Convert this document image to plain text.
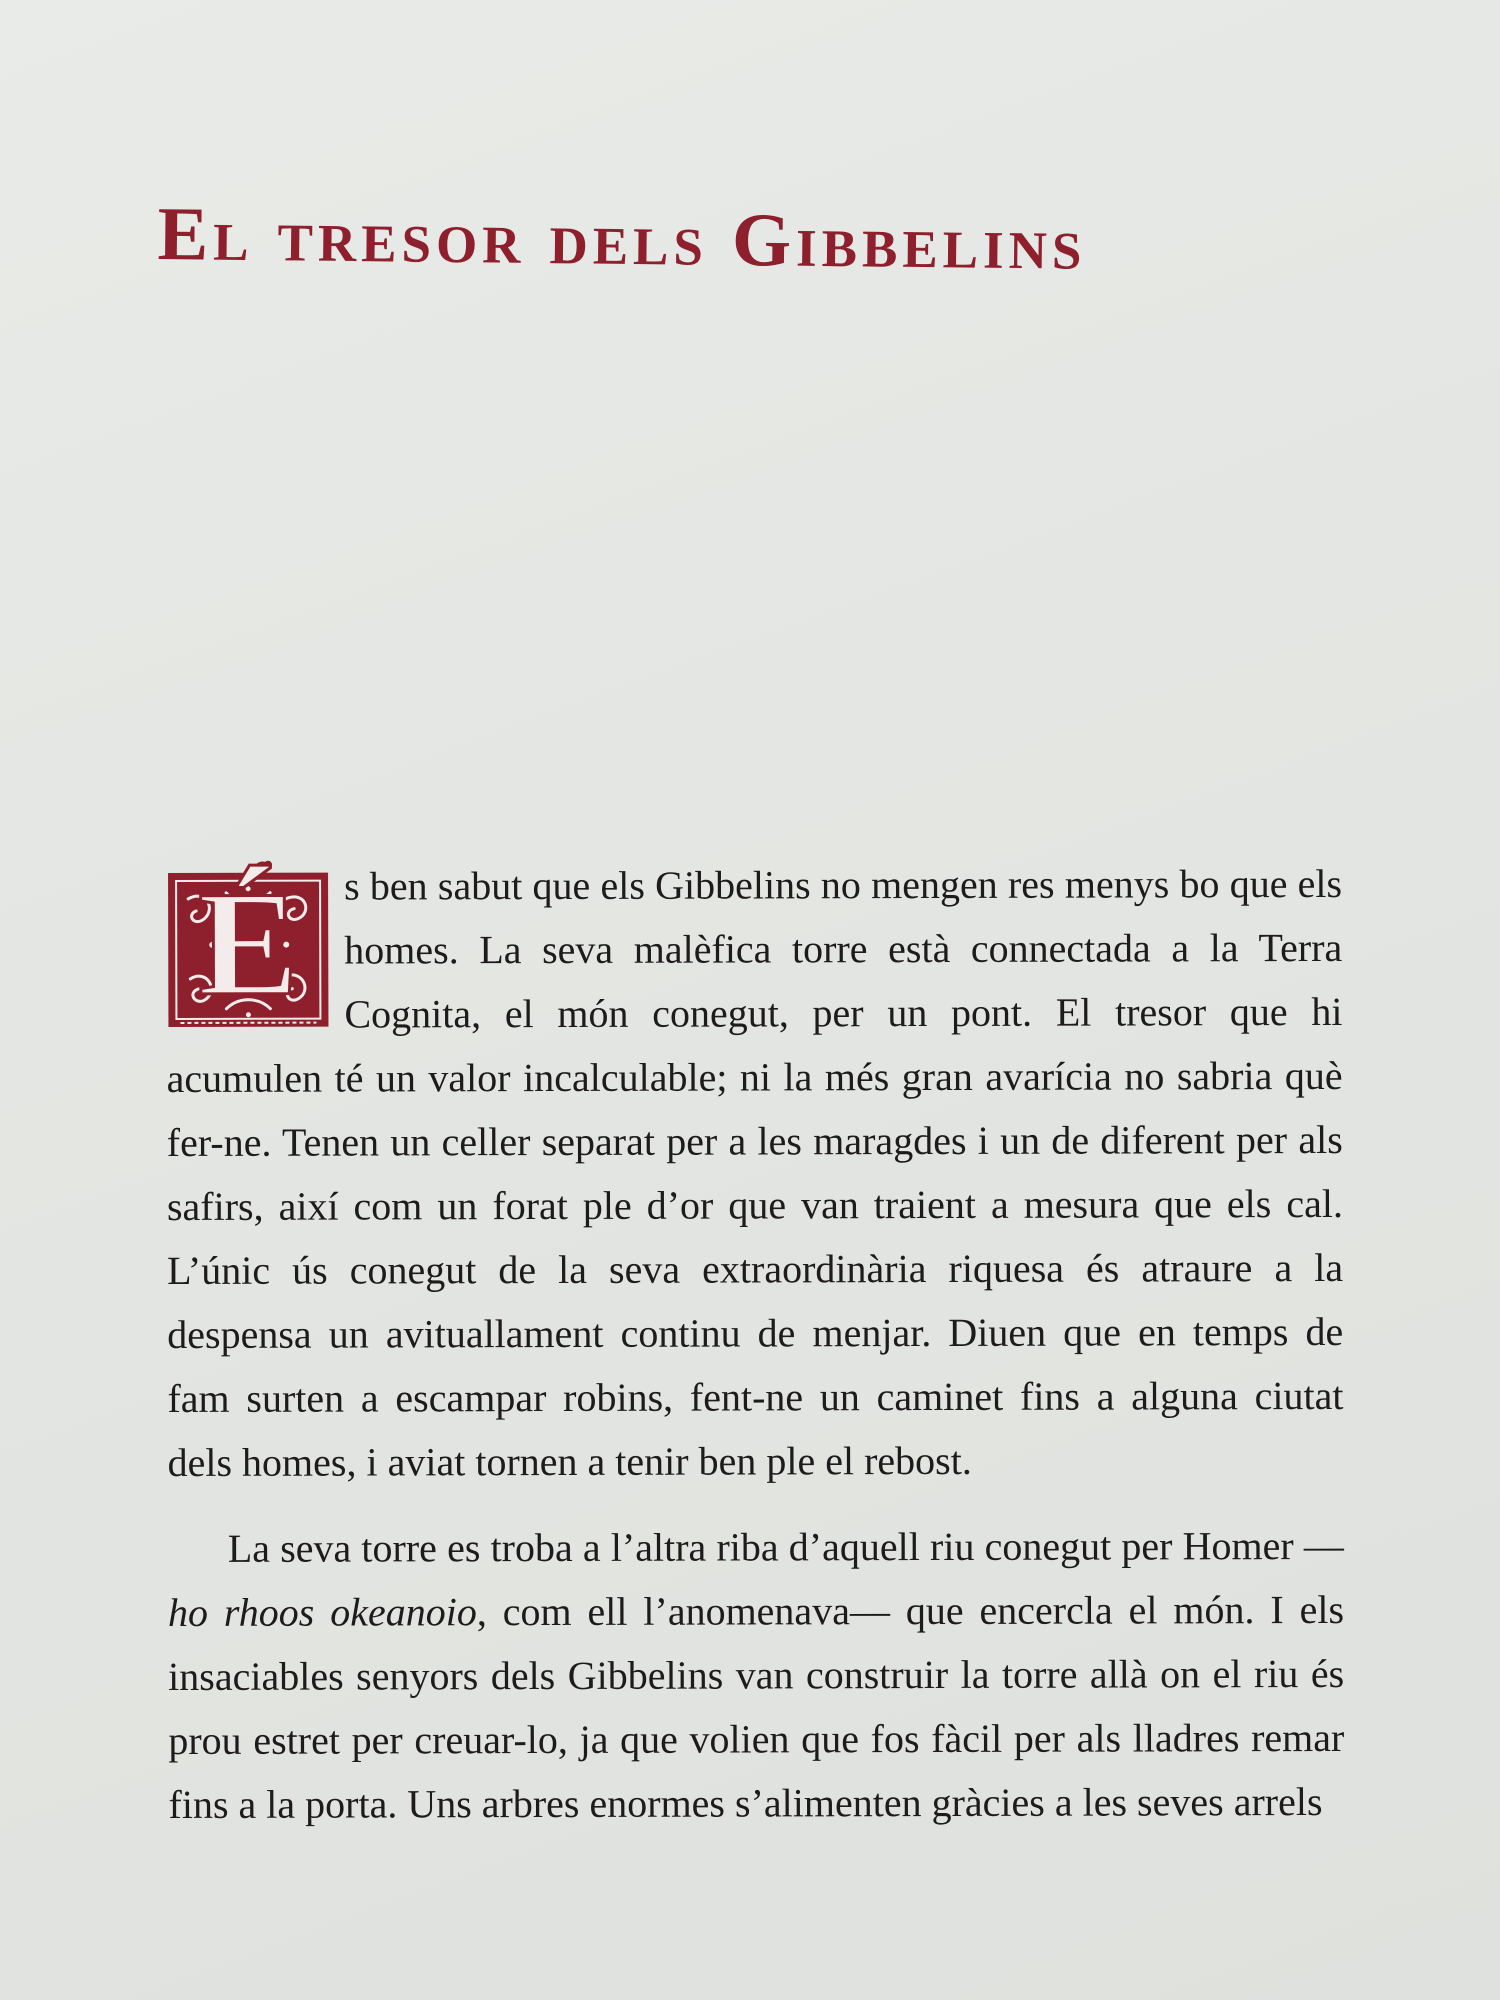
El tresor dels Gibbelins

É	s ben sabut que els Gibbelins no mengen res menys bo que els homes. La seva malèfica torre està connectada a la Terra Cognita, el món conegut, per un pont. El tresor que hi acumulen té un valor incalculable; ni la més gran avarícia no sabria què fer-ne. Tenen un celler separat per a les maragdes i un de diferent per als safirs, així com un forat ple d’or que van traient a mesura que els cal. L’únic ús conegut de la seva extraordinària riquesa és atraure a la despensa un avituallament continu de menjar. Diuen que en temps de fam surten a escampar robins, fent-ne un caminet fins a alguna ciutat dels homes, i aviat tornen a tenir ben ple el rebost.

La seva torre es troba a l’altra riba d’aquell riu conegut per Homer —ho rhoos okeanoio, com ell l’anomenava— que encercla el món. I els insaciables senyors dels Gibbelins van construir la torre allà on el riu és prou estret per creuar-lo, ja que volien que fos fàcil per als lladres remar fins a la porta. Uns arbres enormes s’alimenten gràcies a les seves arrels
